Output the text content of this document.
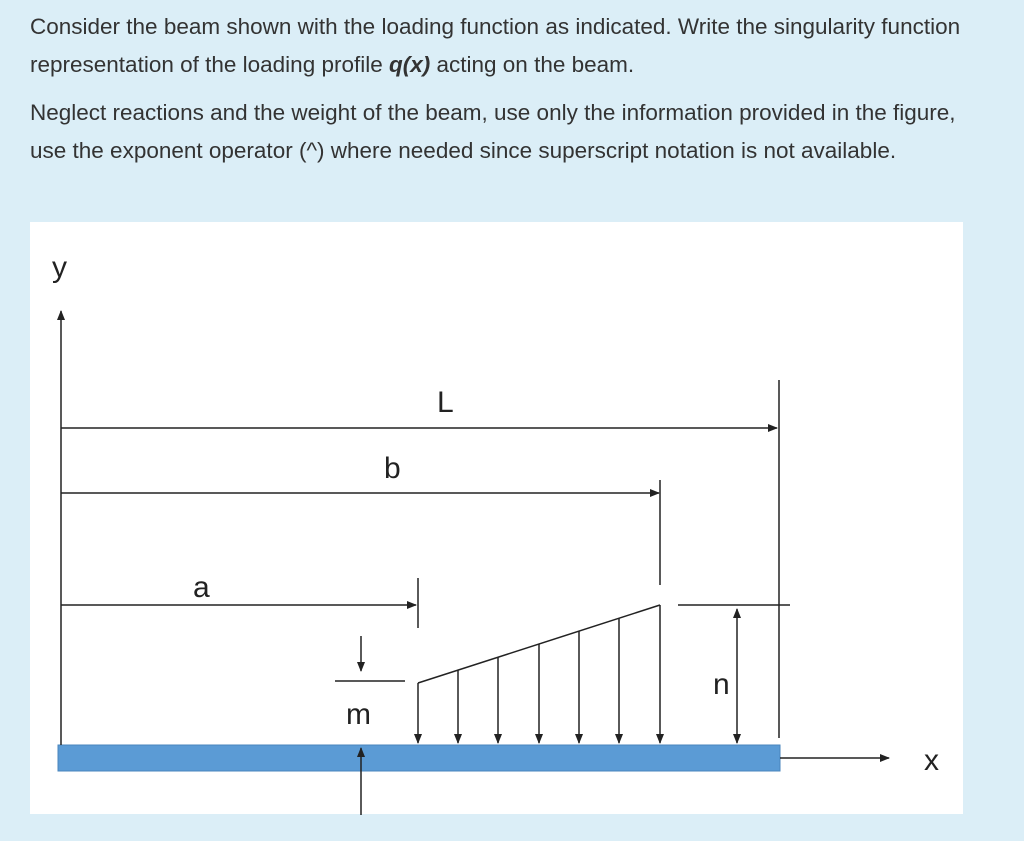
Consider the beam shown with the loading function as indicated. Write the singularity function representation of the loading profile q(x) acting on the beam.

Neglect reactions and the weight of the beam, use only the information provided in the figure, use the exponent operator (^) where needed since superscript notation is not available.

y
x
L
b
a
m
n
